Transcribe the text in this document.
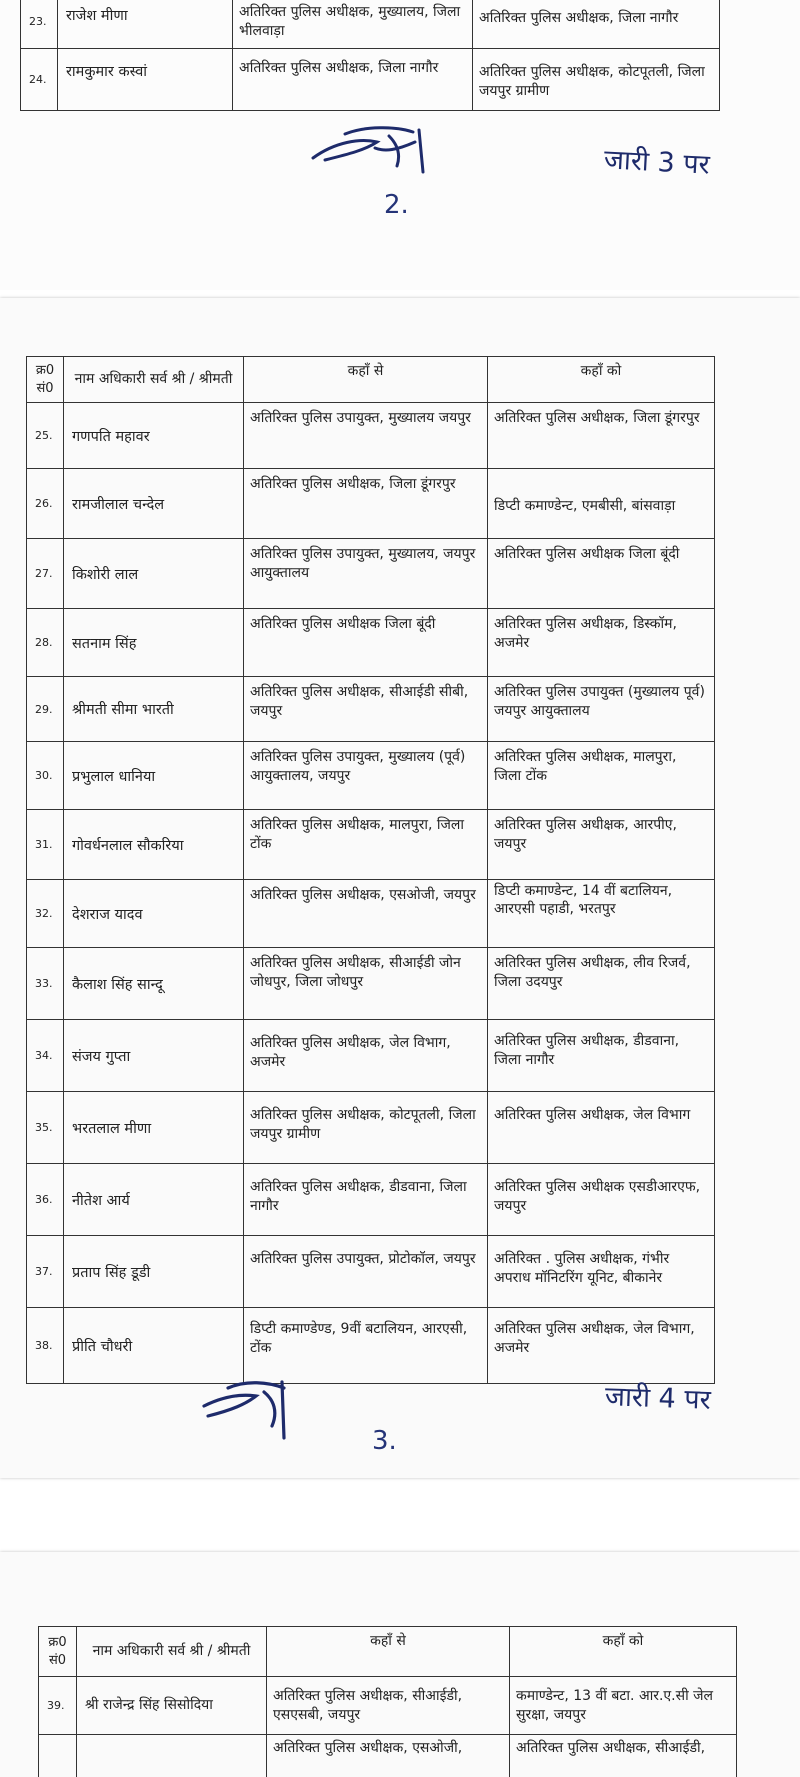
23.	राजेश मीणा	अतिरिक्त पुलिस अधीक्षक, मुख्यालय, जिला भीलवाड़ा	अतिरिक्त पुलिस अधीक्षक, जिला नागौर
24.	रामकुमार कस्वां	अतिरिक्त पुलिस अधीक्षक, जिला नागौर	अतिरिक्त पुलिस अधीक्षक, कोटपूतली, जिला जयपुर ग्रामीण
जारी 3 पर
2.
क्र0 सं0	नाम अधिकारी सर्व श्री / श्रीमती	कहाँ से	कहाँ को
25.	गणपति महावर	अतिरिक्त पुलिस उपायुक्त, मुख्यालय जयपुर	अतिरिक्त पुलिस अधीक्षक, जिला डूंगरपुर
26.	रामजीलाल चन्देल	अतिरिक्त पुलिस अधीक्षक, जिला डूंगरपुर	डिप्टी कमाण्डेन्ट, एमबीसी, बांसवाड़ा
27.	किशोरी लाल	अतिरिक्त पुलिस उपायुक्त, मुख्यालय, जयपुर आयुक्तालय	अतिरिक्त पुलिस अधीक्षक जिला बूंदी
28.	सतनाम सिंह	अतिरिक्त पुलिस अधीक्षक जिला बूंदी	अतिरिक्त पुलिस अधीक्षक, डिस्कॉम, अजमेर
29.	श्रीमती सीमा भारती	अतिरिक्त पुलिस अधीक्षक, सीआईडी सीबी, जयपुर	अतिरिक्त पुलिस उपायुक्त (मुख्यालय पूर्व) जयपुर आयुक्तालय
30.	प्रभुलाल धानिया	अतिरिक्त पुलिस उपायुक्त, मुख्यालय (पूर्व) आयुक्तालय, जयपुर	अतिरिक्त पुलिस अधीक्षक, मालपुरा, जिला टोंक
31.	गोवर्धनलाल सौकरिया	अतिरिक्त पुलिस अधीक्षक, मालपुरा, जिला टोंक	अतिरिक्त पुलिस अधीक्षक, आरपीए, जयपुर
32.	देशराज यादव	अतिरिक्त पुलिस अधीक्षक, एसओजी, जयपुर	डिप्टी कमाण्डेन्ट, 14 वीं बटालियन, आरएसी पहाडी, भरतपुर
33.	कैलाश सिंह सान्दू	अतिरिक्त पुलिस अधीक्षक, सीआईडी जोन जोधपुर, जिला जोधपुर	अतिरिक्त पुलिस अधीक्षक, लीव रिजर्व, जिला उदयपुर
34.	संजय गुप्ता	अतिरिक्त पुलिस अधीक्षक, जेल विभाग, अजमेर	अतिरिक्त पुलिस अधीक्षक, डीडवाना, जिला नागौर
35.	भरतलाल मीणा	अतिरिक्त पुलिस अधीक्षक, कोटपूतली, जिला जयपुर ग्रामीण	अतिरिक्त पुलिस अधीक्षक, जेल विभाग
36.	नीतेश आर्य	अतिरिक्त पुलिस अधीक्षक, डीडवाना, जिला नागौर	अतिरिक्त पुलिस अधीक्षक एसडीआरएफ, जयपुर
37.	प्रताप सिंह डूडी	अतिरिक्त पुलिस उपायुक्त, प्रोटोकॉल, जयपुर	अतिरिक्त . पुलिस अधीक्षक, गंभीर अपराध मॉनिटरिंग यूनिट, बीकानेर
38.	प्रीति चौधरी	डिप्टी कमाण्डेण्ड, 9वीं बटालियन, आरएसी, टोंक	अतिरिक्त पुलिस अधीक्षक, जेल विभाग, अजमेर
जारी 4 पर
3.
क्र0 सं0	नाम अधिकारी सर्व श्री / श्रीमती	कहाँ से	कहाँ को
39.	श्री राजेन्द्र सिंह सिसोदिया	अतिरिक्त पुलिस अधीक्षक, सीआईडी, एसएसबी, जयपुर	कमाण्डेन्ट, 13 वीं बटा. आर.ए.सी जेल सुरक्षा, जयपुर
		अतिरिक्त पुलिस अधीक्षक, एसओजी,	अतिरिक्त पुलिस अधीक्षक, सीआईडी,
